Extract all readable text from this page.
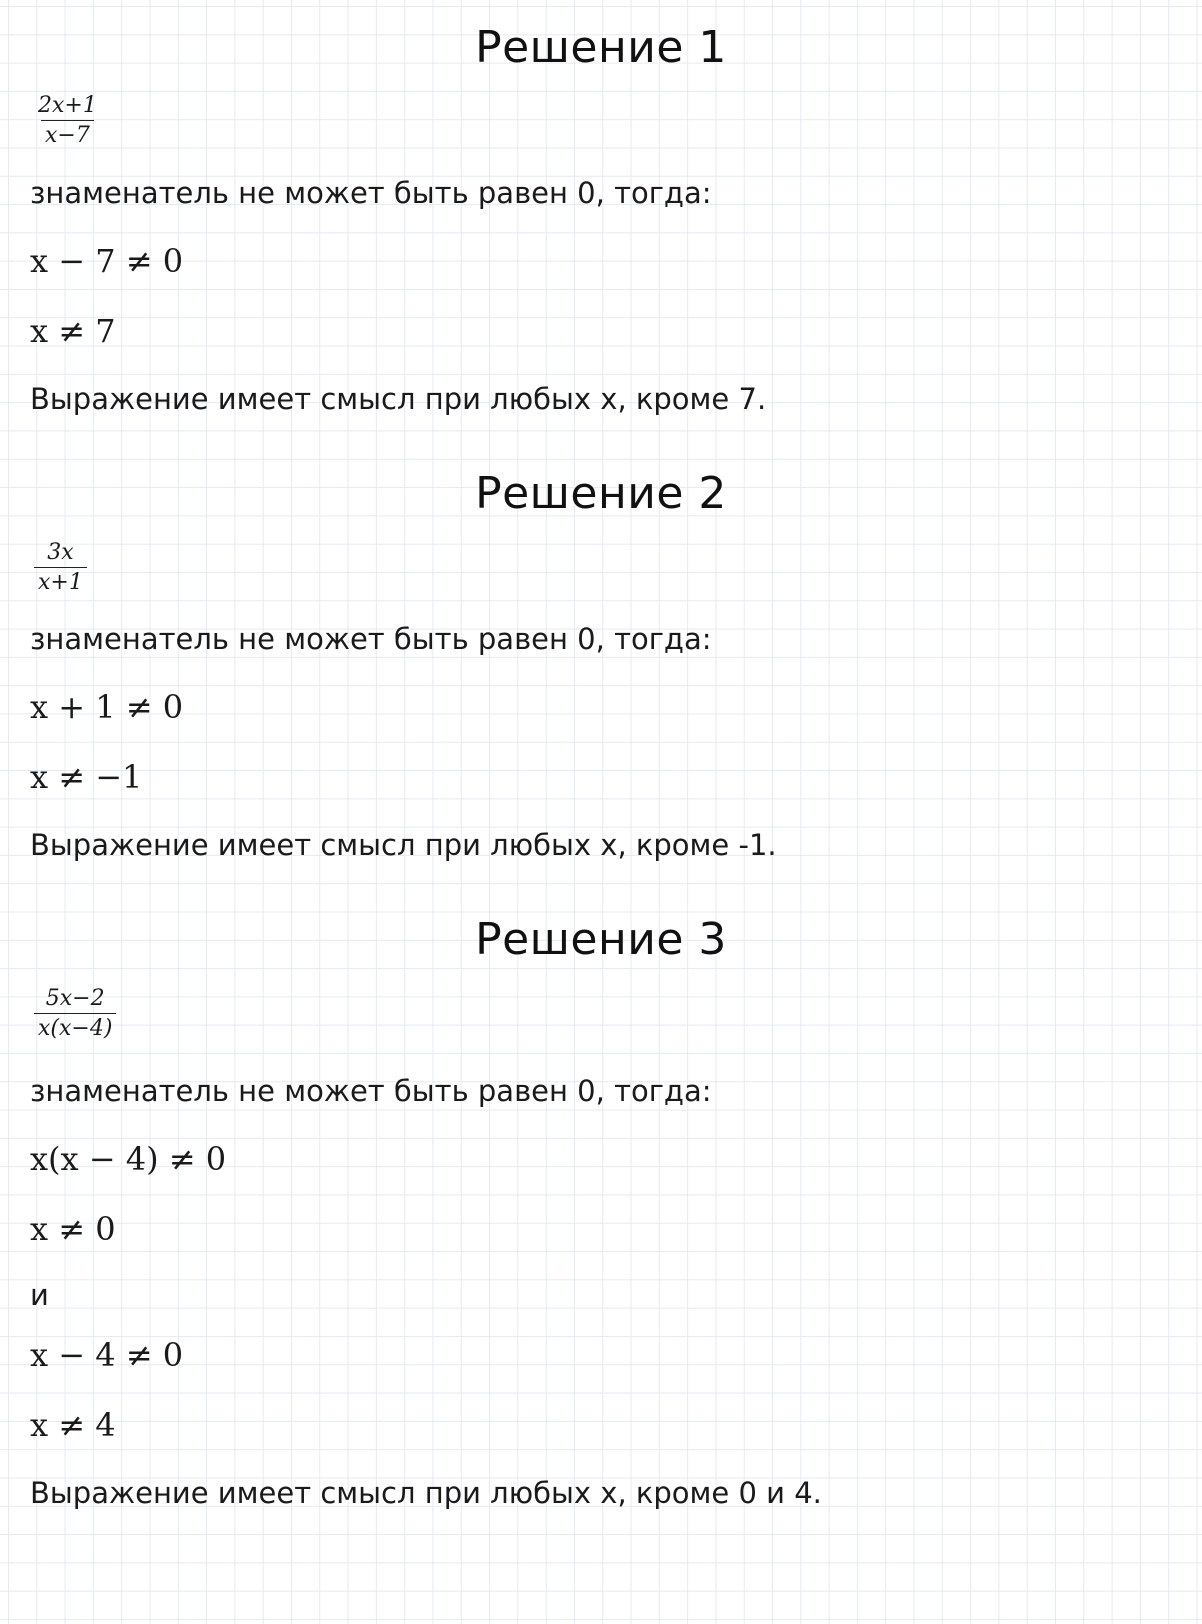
Решение 1
$\frac{2x+1}{x-7}$
знаменатель не может быть равен 0, тогда:
x − 7 ≠ 0
x ≠ 7
Выражение имеет смысл при любых x, кроме 7.
Решение 2
$\frac{3x}{x+1}$
знаменатель не может быть равен 0, тогда:
x + 1 ≠ 0
x ≠ −1
Выражение имеет смысл при любых x, кроме -1.
Решение 3
$\frac{5x-2}{x(x-4)}$
знаменатель не может быть равен 0, тогда:
x(x − 4) ≠ 0
x ≠ 0
и
x − 4 ≠ 0
x ≠ 4
Выражение имеет смысл при любых x, кроме 0 и 4.
